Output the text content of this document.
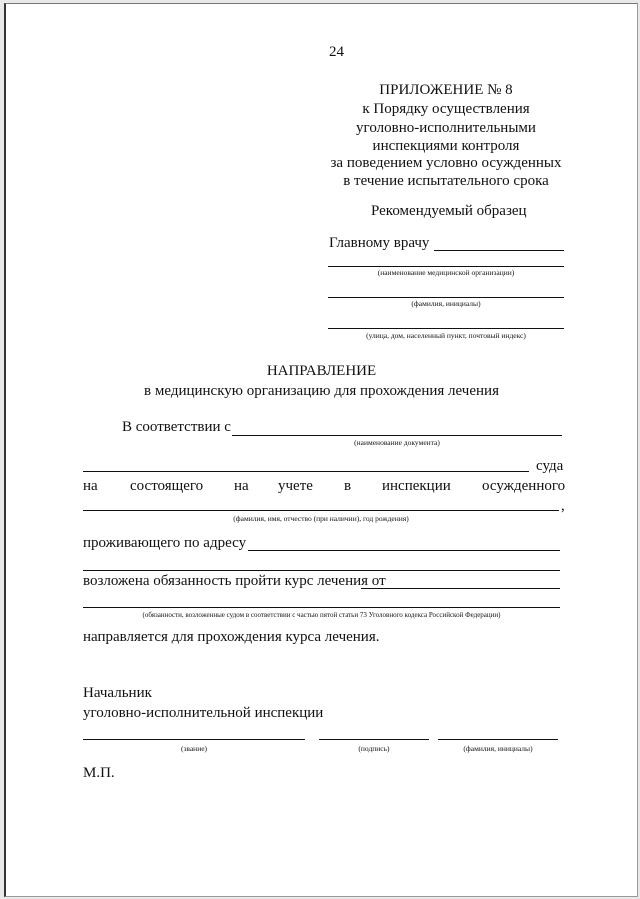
24
ПРИЛОЖЕНИЕ № 8
к Порядку осуществления
уголовно-исполнительными
инспекциями контроля
за поведением условно осужденных
в течение испытательного срока
Рекомендуемый образец
Главному врачу
(наименование медицинской организации)
(фамилия, инициалы)
(улица, дом, населенный пункт, почтовый индекс)
НАПРАВЛЕНИЕ
в медицинскую организацию для прохождения лечения
В соответствии с
(наименование документа)
суда
на состоящего на учете в инспекции осужденного
,
(фамилия, имя, отчество (при наличии), год рождения)
проживающего по адресу
возложена обязанность пройти курс лечения от
(обязанности, возложенные судом в соответствии с частью пятой статьи 73 Уголовного кодекса Российской Федерации)
направляется для прохождения курса лечения.
Начальник
уголовно-исполнительной инспекции
(звание)	(подпись)	(фамилия, инициалы)
М.П.
